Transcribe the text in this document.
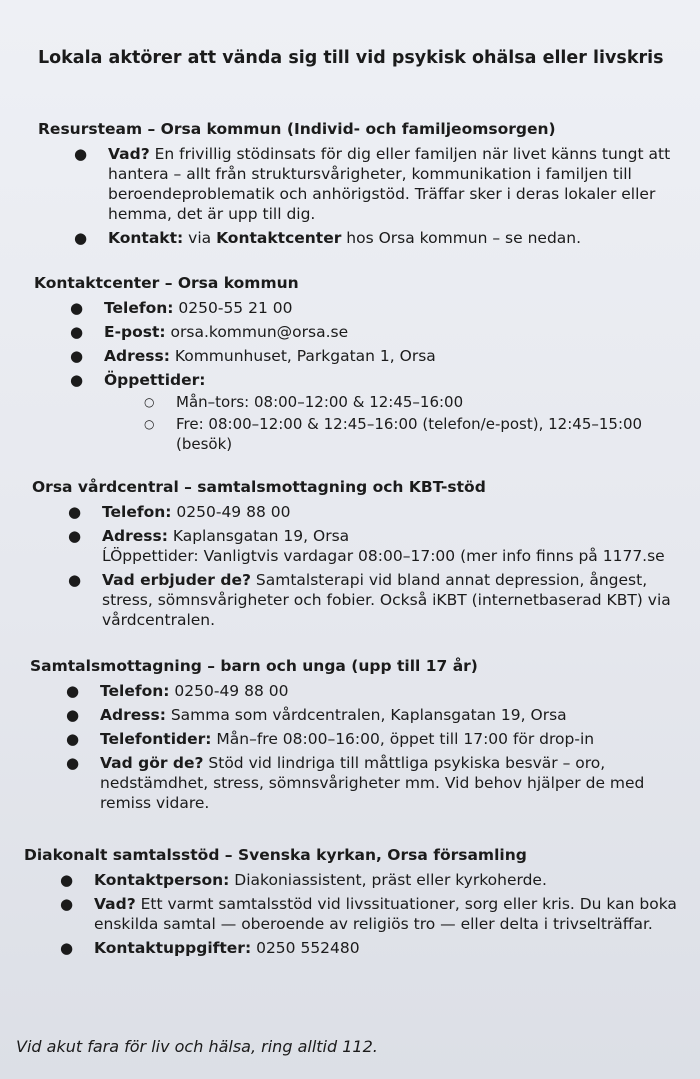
Lokala aktörer att vända sig till vid psykisk ohälsa eller livskris
Resursteam – Orsa kommun (Individ- och familjeomsorgen)
● Vad? En frivillig stödinsats för dig eller familjen när livet känns tungt att
hantera – allt från struktursvårigheter, kommunikation i familjen till
beroendeproblematik och anhörigstöd. Träffar sker i deras lokaler eller
hemma, det är upp till dig.
● Kontakt: via Kontaktcenter hos Orsa kommun – se nedan.
Kontaktcenter – Orsa kommun
● Telefon: 0250-55 21 00
● E-post: orsa.kommun@orsa.se
● Adress: Kommunhuset, Parkgatan 1, Orsa
● Öppettider:
○ Mån–tors: 08:00–12:00 & 12:45–16:00
○ Fre: 08:00–12:00 & 12:45–16:00 (telefon/e-post), 12:45–15:00
(besök)
Orsa vårdcentral – samtalsmottagning och KBT-stöd
● Telefon: 0250-49 88 00
● Adress: Kaplansgatan 19, Orsa
ĹÖppettider: Vanligtvis vardagar 08:00–17:00 (mer info finns på 1177.se
● Vad erbjuder de? Samtalsterapi vid bland annat depression, ångest,
stress, sömnsvårigheter och fobier. Också iKBT (internetbaserad KBT) via
vårdcentralen.
Samtalsmottagning – barn och unga (upp till 17 år)
● Telefon: 0250-49 88 00
● Adress: Samma som vårdcentralen, Kaplansgatan 19, Orsa
● Telefontider: Mån–fre 08:00–16:00, öppet till 17:00 för drop-in
● Vad gör de? Stöd vid lindriga till måttliga psykiska besvär – oro,
nedstämdhet, stress, sömnsvårigheter mm. Vid behov hjälper de med
remiss vidare.
Diakonalt samtalsstöd – Svenska kyrkan, Orsa församling
● Kontaktperson: Diakoniassistent, präst eller kyrkoherde.
● Vad? Ett varmt samtalsstöd vid livssituationer, sorg eller kris. Du kan boka
enskilda samtal — oberoende av religiös tro — eller delta i trivselträffar.
● Kontaktuppgifter: 0250 552480
Vid akut fara för liv och hälsa, ring alltid 112.
